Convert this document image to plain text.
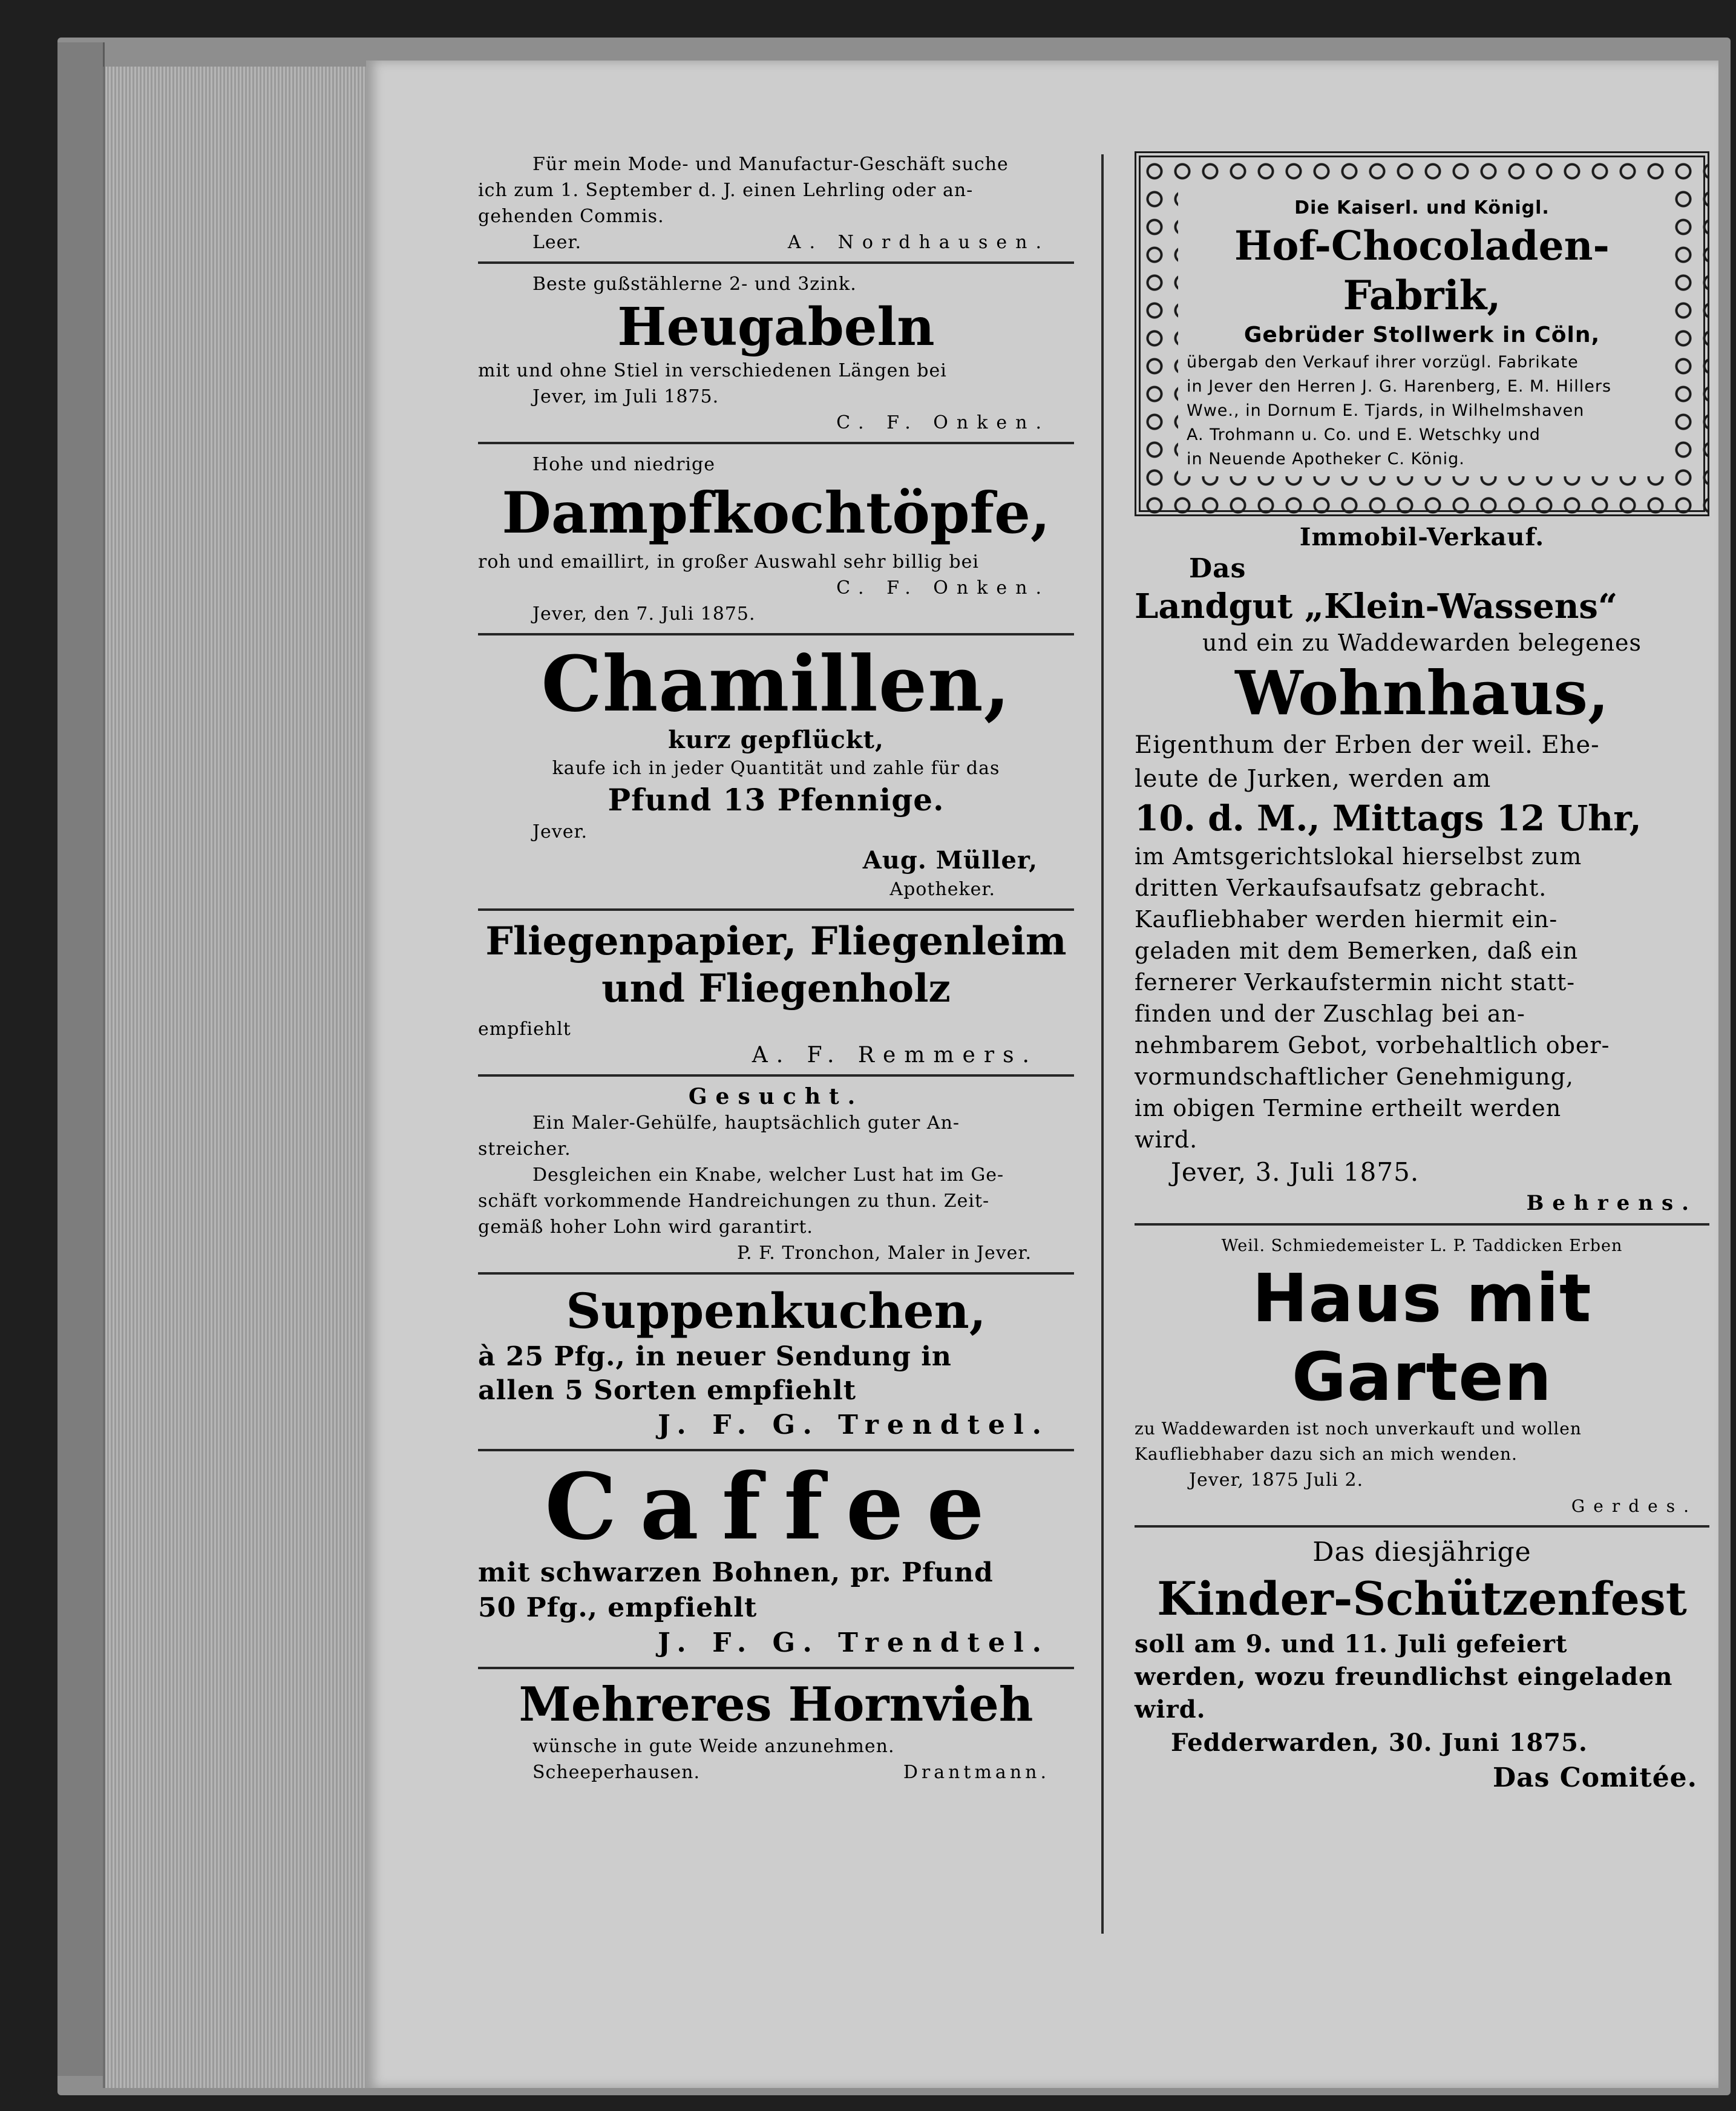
Für mein Mode- und Manufactur-Geschäft suche

ich zum 1. September d. J. einen Lehrling oder an-

gehenden Commis.

Leer.	A. Nordhausen.

Beste gußstählerne 2- und 3zink.

Heugabeln

mit und ohne Stiel in verschiedenen Längen bei

Jever, im Juli 1875.

C. F. Onken.

Hohe und niedrige

Dampfkochtöpfe,

roh und emaillirt, in großer Auswahl sehr billig bei

C. F. Onken.

Jever, den 7. Juli 1875.

Chamillen,

kurz gepflückt,

kaufe ich in jeder Quantität und zahle für das

Pfund 13 Pfennige.

Jever.

Aug. Müller,

Apotheker.

Fliegenpapier, Fliegenleim

und Fliegenholz

empfiehlt

A. F. Remmers.

Gesucht.

Ein Maler-Gehülfe, hauptsächlich guter An-

streicher.

Desgleichen ein Knabe, welcher Lust hat im Ge-

schäft vorkommende Handreichungen zu thun. Zeit-

gemäß hoher Lohn wird garantirt.

P. F. Tronchon, Maler in Jever.

Suppenkuchen,

à 25 Pfg., in neuer Sendung in

allen 5 Sorten empfiehlt

J. F. G. Trendtel.

Caffee

mit schwarzen Bohnen, pr. Pfund

50 Pfg., empfiehlt

J. F. G. Trendtel.

Mehreres Hornvieh

wünsche in gute Weide anzunehmen.

Scheeperhausen.	Drantmann.

Die Kaiserl. und Königl.

Hof-Chocoladen-Fabrik,

Gebrüder Stollwerk in Cöln,

übergab den Verkauf ihrer vorzügl. Fabrikate

in Jever den Herren J. G. Harenberg, E. M. Hillers

Wwe., in Dornum E. Tjards, in Wilhelmshaven

A. Trohmann u. Co. und E. Wetschky und

in Neuende Apotheker C. König.

Immobil-Verkauf.

Das

Landgut „Klein-Wassens“

und ein zu Waddewarden belegenes

Wohnhaus,

Eigenthum der Erben der weil. Ehe-

leute de Jurken, werden am

10. d. M., Mittags 12 Uhr,

im Amtsgerichtslokal hierselbst zum

dritten Verkaufsaufsatz gebracht.

Kaufliebhaber werden hiermit ein-

geladen mit dem Bemerken, daß ein

fernerer Verkaufstermin nicht statt-

finden und der Zuschlag bei an-

nehmbarem Gebot, vorbehaltlich ober-

vormundschaftlicher Genehmigung,

im obigen Termine ertheilt werden

wird.

Jever, 3. Juli 1875.

Behrens.

Weil. Schmiedemeister L. P. Taddicken Erben

Haus mit Garten

zu Waddewarden ist noch unverkauft und wollen

Kaufliebhaber dazu sich an mich wenden.

Jever, 1875 Juli 2.

Gerdes.

Das diesjährige

Kinder-Schützenfest

soll am 9. und 11. Juli gefeiert

werden, wozu freundlichst eingeladen

wird.

Fedderwarden, 30. Juni 1875.

Das Comitée.
